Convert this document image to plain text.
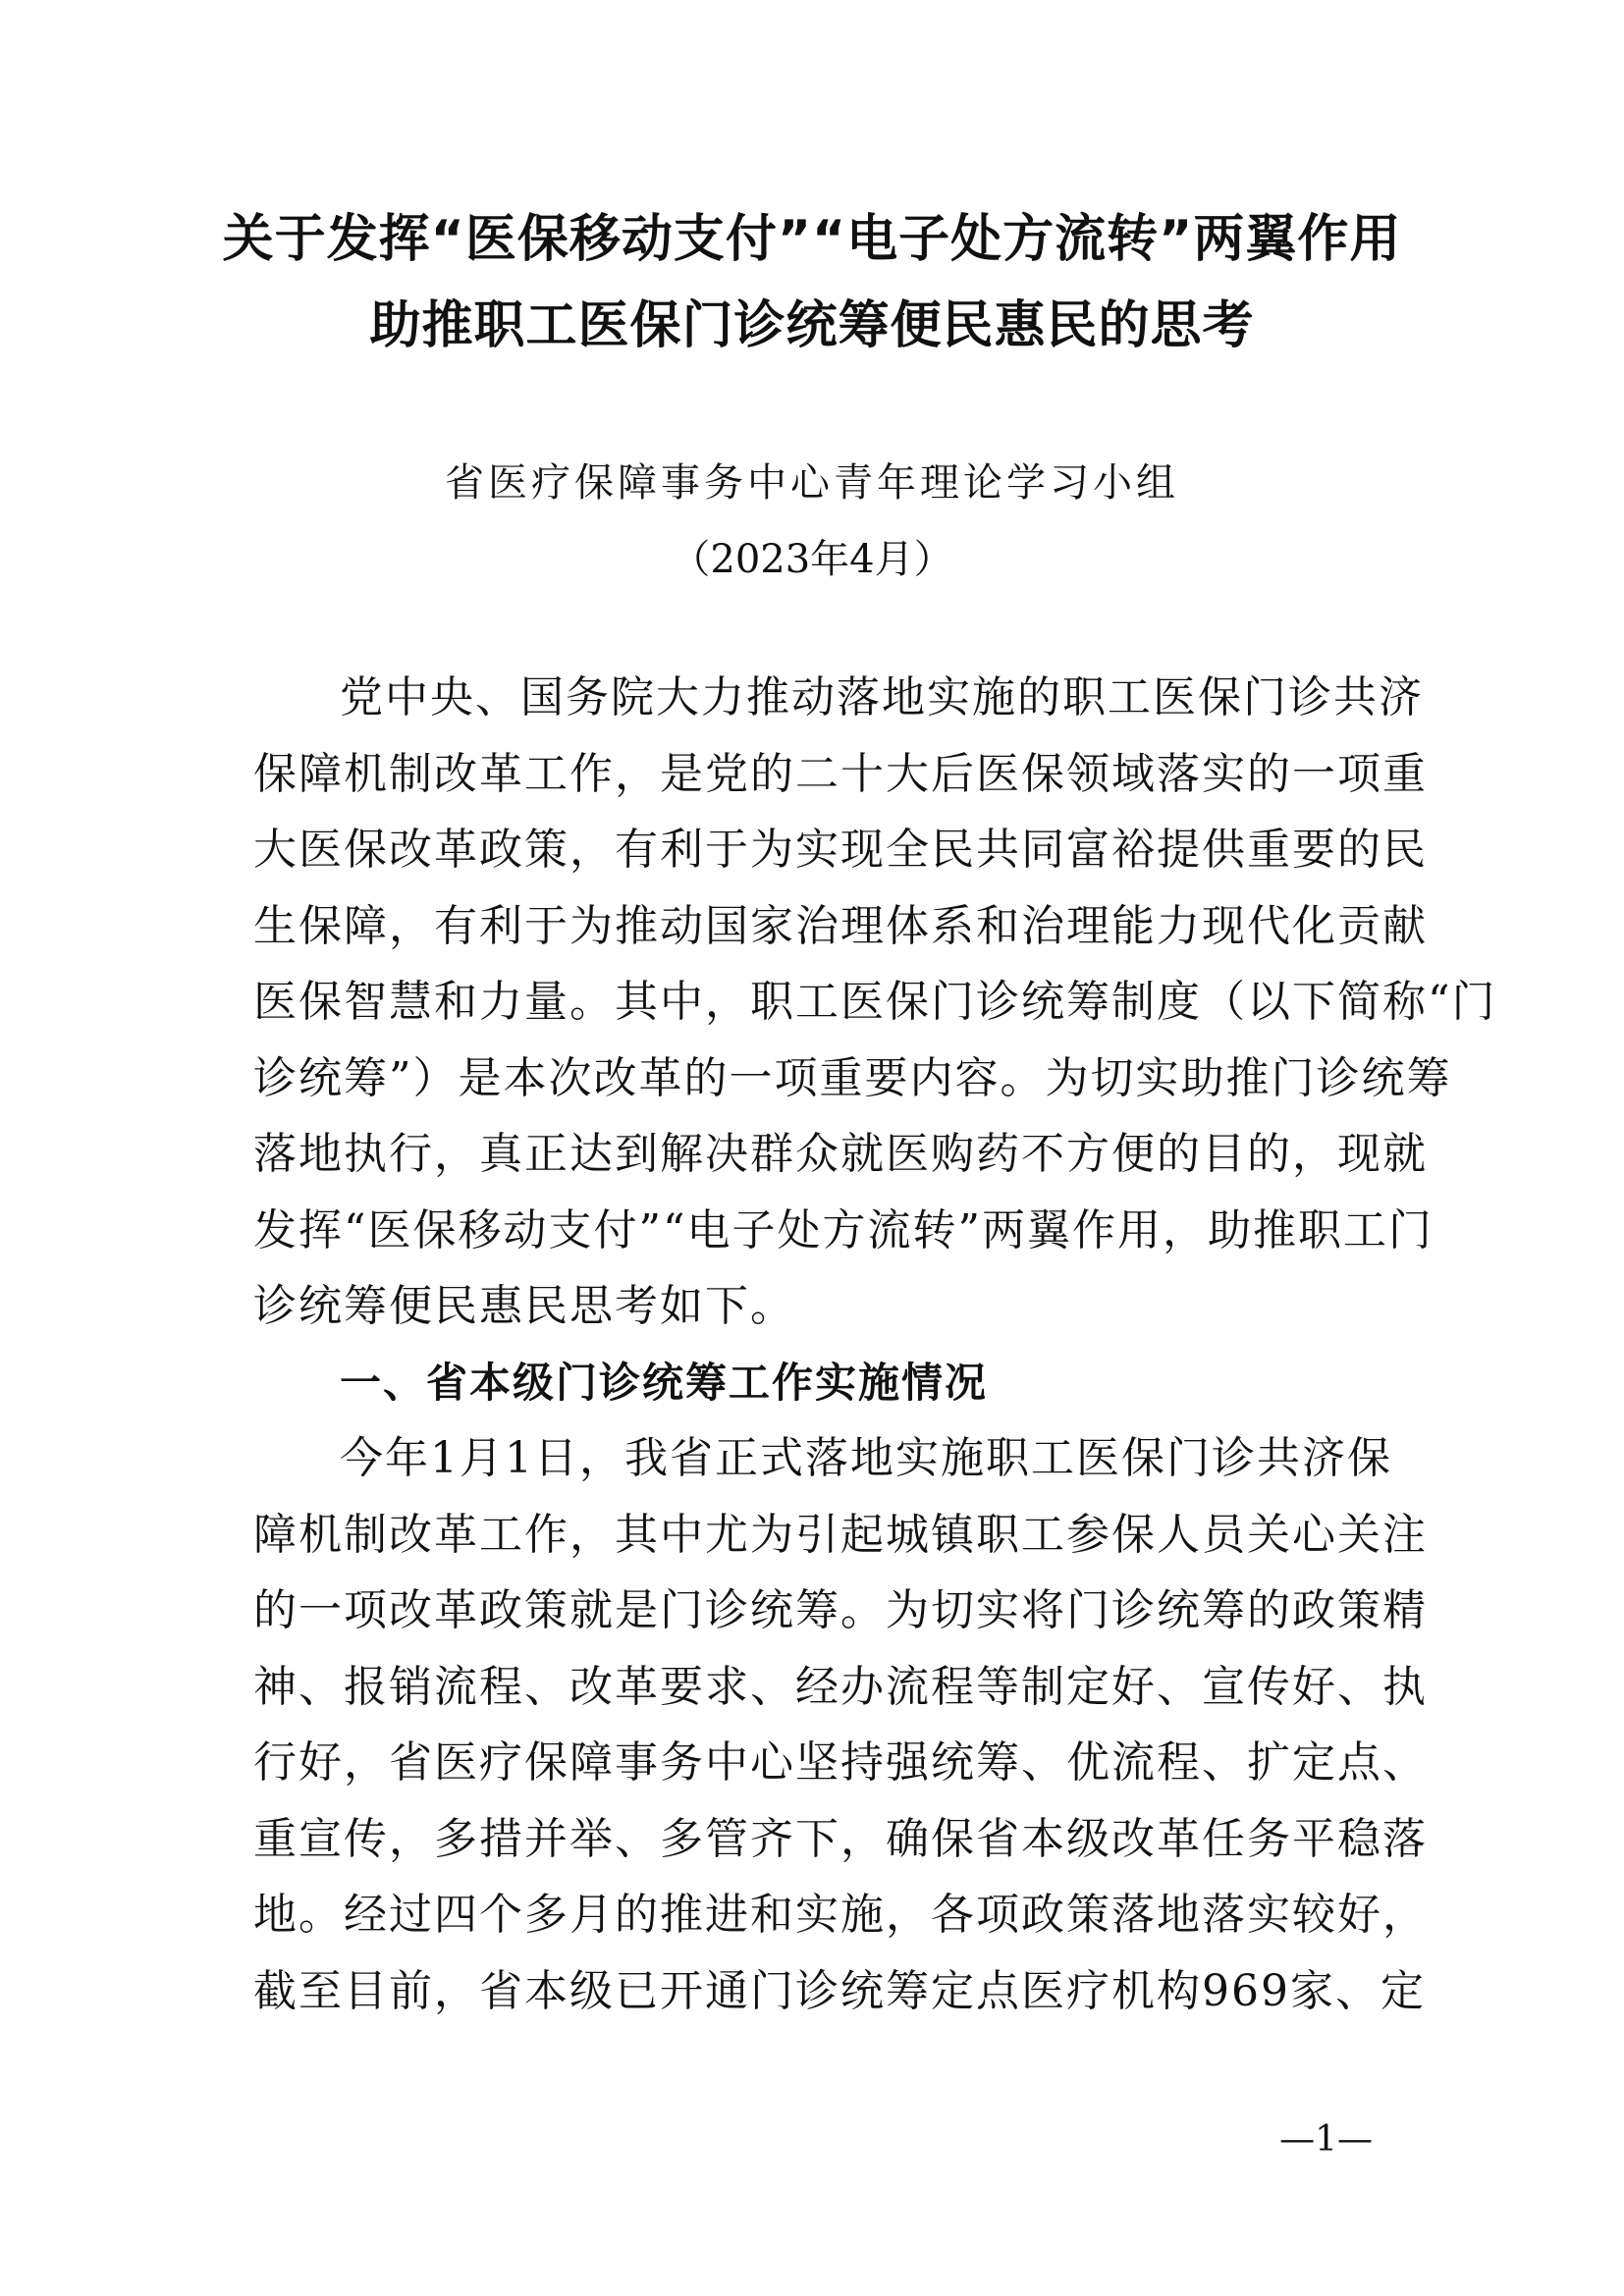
关于发挥“医保移动支付”“电子处方流转”两翼作用
助推职工医保门诊统筹便民惠民的思考
省医疗保障事务中心青年理论学习小组
（2023年4月）
党中央、国务院大力推动落地实施的职工医保门诊共济
保障机制改革工作，是党的二十大后医保领域落实的一项重
大医保改革政策，有利于为实现全民共同富裕提供重要的民
生保障，有利于为推动国家治理体系和治理能力现代化贡献
医保智慧和力量。其中，职工医保门诊统筹制度（以下简称“门
诊统筹”）是本次改革的一项重要内容。为切实助推门诊统筹
落地执行，真正达到解决群众就医购药不方便的目的，现就
发挥“医保移动支付”“电子处方流转”两翼作用，助推职工门
诊统筹便民惠民思考如下。
一、省本级门诊统筹工作实施情况
今年1月1日，我省正式落地实施职工医保门诊共济保
障机制改革工作，其中尤为引起城镇职工参保人员关心关注
的一项改革政策就是门诊统筹。为切实将门诊统筹的政策精
神、报销流程、改革要求、经办流程等制定好、宣传好、执
行好，省医疗保障事务中心坚持强统筹、优流程、扩定点、
重宣传，多措并举、多管齐下，确保省本级改革任务平稳落
地。经过四个多月的推进和实施，各项政策落地落实较好，
截至目前，省本级已开通门诊统筹定点医疗机构969家、定
—1—
